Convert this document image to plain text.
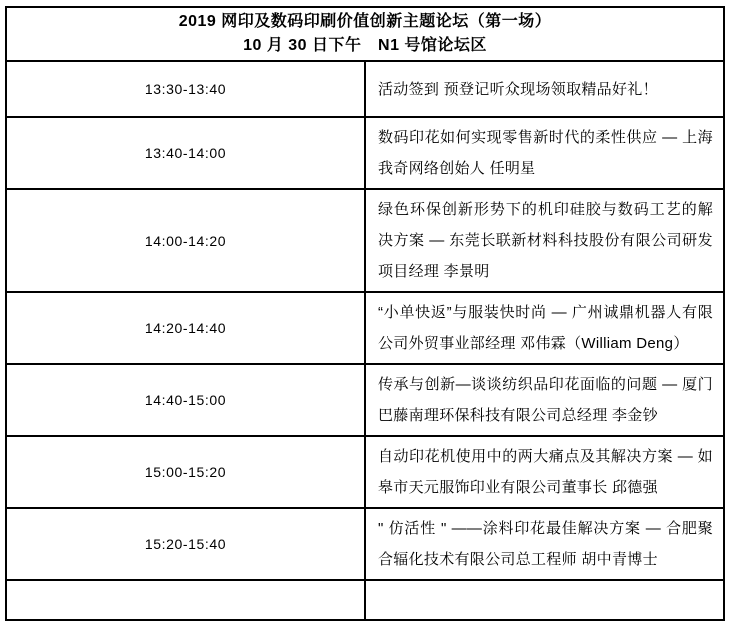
2019 网印及数码印刷价值创新主题论坛（第一场）
10 月 30 日下午　N1 号馆论坛区	

13:30-13:40	活动签到 预登记听众现场领取精品好礼！
13:40-14:00	数码印花如何实现零售新时代的柔性供应 — 上海我奇网络创始人 任明星
14:00-14:20	绿色环保创新形势下的机印硅胶与数码工艺的解决方案 — 东莞长联新材料科技股份有限公司研发项目经理 李景明
14:20-14:40	“小单快返”与服装快时尚 — 广州诚鼎机器人有限公司外贸事业部经理 邓伟霖（William Deng）
14:40-15:00	传承与创新—谈谈纺织品印花面临的问题 — 厦门巴藤南理环保科技有限公司总经理 李金钞
15:00-15:20	自动印花机使用中的两大痛点及其解决方案 — 如皋市天元服饰印业有限公司董事长 邱德强
15:20-15:40	" 仿活性 " ——涂料印花最佳解决方案 — 合肥聚合辐化技术有限公司总工程师 胡中青博士
